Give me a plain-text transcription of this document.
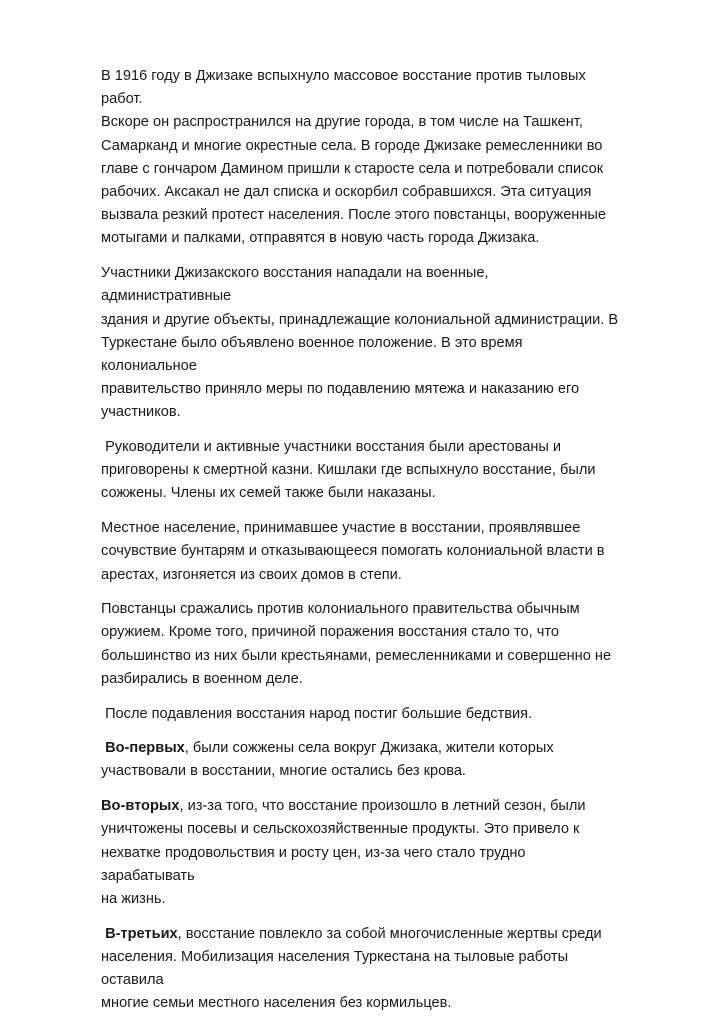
В 1916 году в Джизаке вспыхнуло массовое восстание против тыловых  работ.
Вскоре он распространился на другие города, в том числе на Ташкент,
Самарканд и многие окрестные села. В городе Джизаке ремесленники во
главе с гончаром Дамином пришли к старосте села и потребовали список
рабочих. Аксакал не дал списка и оскорбил собравшихся. Эта ситуация
вызвала резкий протест населения. После этого повстанцы, вооруженные
мотыгами и палками, отправятся в новую часть города Джизака.
Участники Джизакского восстания нападали на военные, административные
здания и другие объекты, принадлежащие колониальной администрации. В
Туркестане было объявлено военное положение. В это время колониальное
правительство приняло меры по подавлению мятежа и наказанию его
участников.
Руководители и активные участники восстания были арестованы и
приговорены к смертной казни. Кишлаки где вспыхнуло восстание, были
сожжены. Члены их семей также были наказаны.
Местное население, принимавшее участие в восстании, проявлявшее
сочувствие бунтарям и отказывающееся помогать колониальной власти в
арестах, изгоняется из своих домов в степи.
Повстанцы сражались против колониального правительства обычным
оружием. Кроме того, причиной поражения восстания стало то, что
большинство из них были крестьянами, ремесленниками и совершенно не
разбирались в военном деле.
После подавления восстания народ постиг большие бедствия.
Во-первых, были сожжены села вокруг Джизака, жители которых
участвовали в восстании, многие остались без крова.
Во-вторых, из-за того, что восстание произошло в летний сезон, были
уничтожены посевы и сельскохозяйственные продукты. Это привело к
нехватке продовольствия и росту цен, из-за чего стало трудно зарабатывать
на жизнь.
В-третьих, восстание повлекло за собой многочисленные жертвы среди
населения. Мобилизация населения Туркестана на тыловые работы оставила
многие семьи местного населения без кормильцев.
